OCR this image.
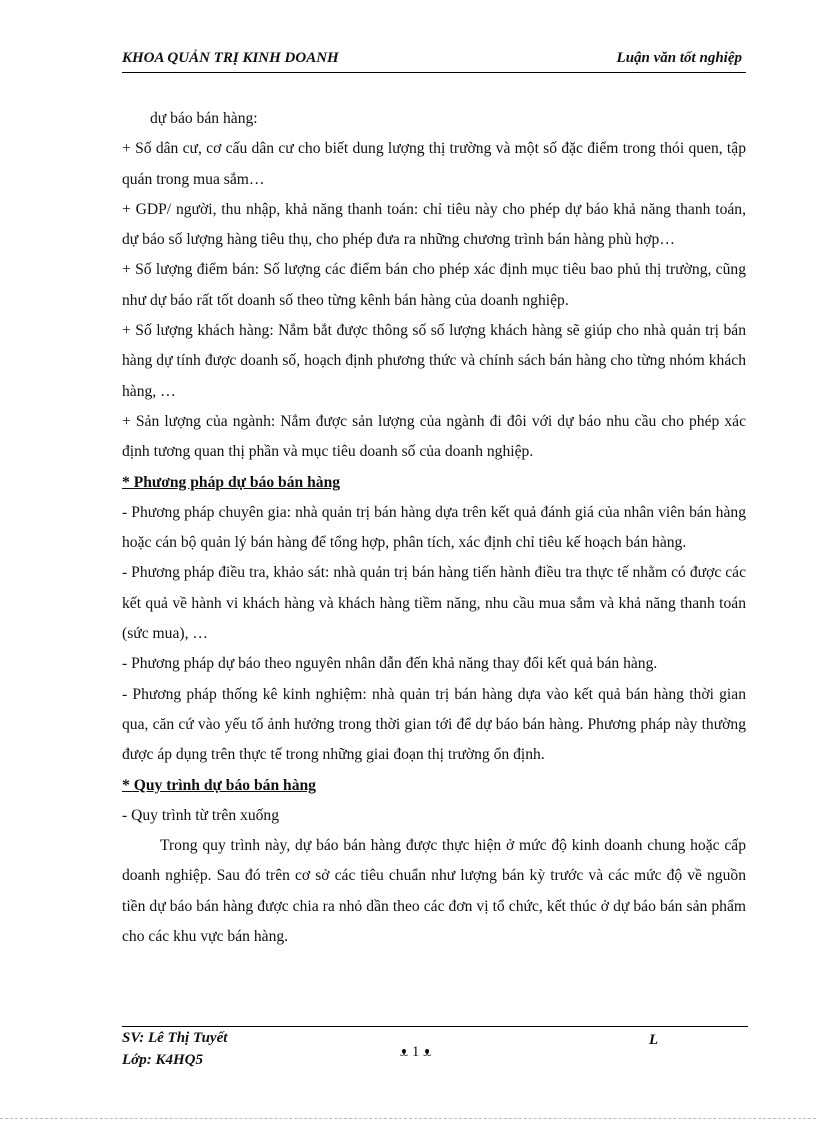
KHOA QUẢN TRỊ KINH DOANH	Luận văn tốt nghiệp

dự báo bán hàng:

+ Số dân cư, cơ cấu dân cư cho biết dung lượng thị trường và một số đặc điểm trong thói quen, tập quán trong mua sắm…

+ GDP/ người, thu nhập, khả năng thanh toán: chỉ tiêu này cho phép dự báo khả năng thanh toán, dự báo số lượng hàng tiêu thụ, cho phép đưa ra những chương trình bán hàng phù hợp…

+ Số lượng điểm bán: Số lượng các điểm bán cho phép xác định mục tiêu bao phủ thị trường, cũng như dự báo rất tốt doanh số theo từng kênh bán hàng của doanh nghiệp.

+ Số lượng khách hàng: Nắm bắt được thông số số lượng khách hàng sẽ giúp cho nhà quản trị bán hàng dự tính được doanh số, hoạch định phương thức và chính sách bán hàng cho từng nhóm khách hàng, …

+ Sản lượng của ngành: Nắm được sản lượng của ngành đi đôi với dự báo nhu cầu cho phép xác định tương quan thị phần và mục tiêu doanh số của doanh nghiệp.

* Phương pháp dự báo bán hàng

- Phương pháp chuyên gia: nhà quản trị bán hàng dựa trên kết quả đánh giá của nhân viên bán hàng hoặc cán bộ quản lý bán hàng để tổng hợp, phân tích, xác định chỉ tiêu kế hoạch bán hàng.

- Phương pháp điều tra, khảo sát: nhà quản trị bán hàng tiến hành điều tra thực tế nhằm có được các kết quả về hành vi khách hàng và khách hàng tiềm năng, nhu cầu mua sắm và khả năng thanh toán (sức mua), …

- Phương pháp dự báo theo nguyên nhân dẫn đến khả năng thay đổi kết quả bán hàng.

- Phương pháp thống kê kinh nghiệm: nhà quản trị bán hàng dựa vào kết quả bán hàng thời gian qua, căn cứ vào yếu tố ảnh hưởng trong thời gian tới để dự báo bán hàng. Phương pháp này thường được áp dụng trên thực tế trong những giai đoạn thị trường ổn định.

* Quy trình dự báo bán hàng

- Quy trình từ trên xuống

Trong quy trình này, dự báo bán hàng được thực hiện ở mức độ kinh doanh chung hoặc cấp doanh nghiệp. Sau đó trên cơ sở các tiêu chuẩn như lượng bán kỳ trước và các mức độ về nguồn tiền dự báo bán hàng được chia ra nhỏ dần theo các đơn vị tổ chức, kết thúc ở dự báo bán sản phẩm cho các khu vực bán hàng.

SV: Lê Thị Tuyết
Lớp: K4HQ5	ᴥ 1 ᴥ
L
